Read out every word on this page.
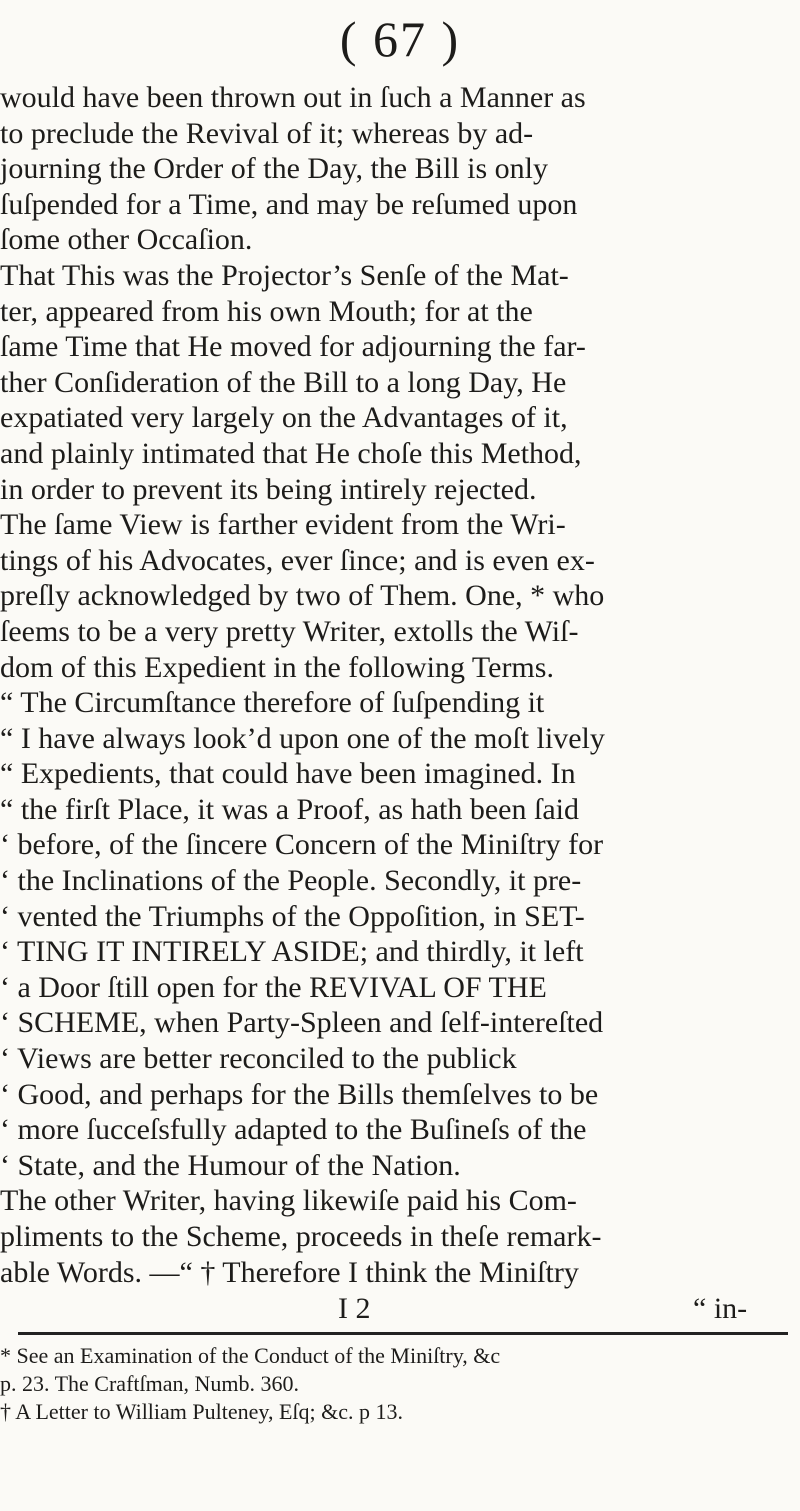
( 67 )
would have been thrown out in ſuch a Manner as
to preclude the Revival of it; whereas by ad-
journing the Order of the Day, the Bill is only
ſuſpended for a Time, and may be reſumed upon
ſome other Occaſion.
That This was the Projector’s Senſe of the Mat-
ter, appeared from his own Mouth; for at the
ſame Time that He moved for adjourning the far-
ther Conſideration of the Bill to a long Day, He
expatiated very largely on the Advantages of it,
and plainly intimated that He choſe this Method,
in order to prevent its being intirely rejected.
The ſame View is farther evident from the Wri-
tings of his Advocates, ever ſince; and is even ex-
preſly acknowledged by two of Them. One, * who
ſeems to be a very pretty Writer, extolls the Wiſ-
dom of this Expedient in the following Terms.
“ The Circumſtance therefore of ſuſpending it
“ I have always look’d upon one of the moſt lively
“ Expedients, that could have been imagined. In
“ the firſt Place, it was a Proof, as hath been ſaid
‘ before, of the ſincere Concern of the Miniſtry for
‘ the Inclinations of the People. Secondly, it pre-
‘ vented the Triumphs of the Oppoſition, in SET-
‘ TING IT INTIRELY ASIDE; and thirdly, it left
‘ a Door ſtill open for the REVIVAL OF THE
‘ SCHEME, when Party-Spleen and ſelf-intereſted
‘ Views are better reconciled to the publick
‘ Good, and perhaps for the Bills themſelves to be
‘ more ſucceſsfully adapted to the Buſineſs of the
‘ State, and the Humour of the Nation.
The other Writer, having likewiſe paid his Com-
pliments to the Scheme, proceeds in theſe remark-
able Words. —“ † Therefore I think the Miniſtry
I 2	“ in-
* See an Examination of the Conduct of the Miniſtry, &c
p. 23. The Craftſman, Numb. 360.
† A Letter to William Pulteney, Eſq; &c. p 13.
